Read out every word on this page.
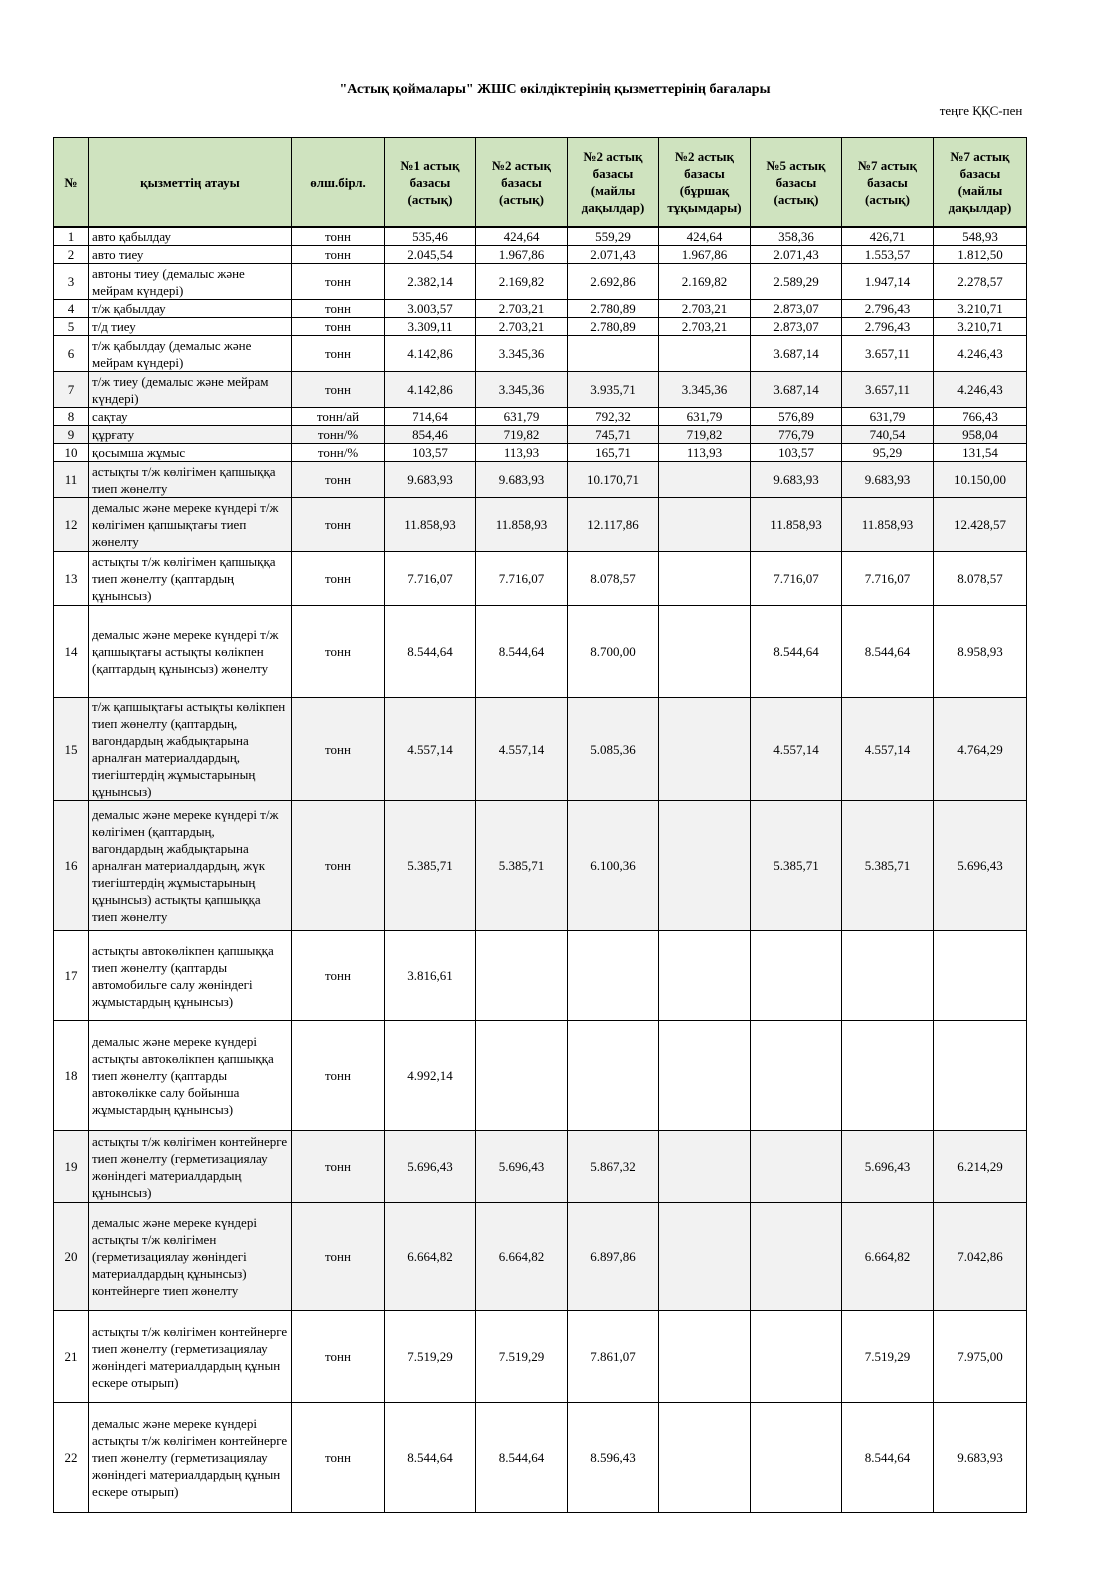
"Астық қоймалары" ЖШС өкілдіктерінің қызметтерінің бағалары
теңге ҚҚС-пен
№	қызметтің атауы	өлш.бірл.	№1 астық базасы (астық)	№2 астық базасы (астық)	№2 астық базасы (майлы дақылдар)	№2 астық базасы (бұршақ тұқымдары)	№5 астық базасы (астық)	№7 астық базасы (астық)	№7 астық базасы (майлы дақылдар)
1	авто қабылдау	тонн	535,46	424,64	559,29	424,64	358,36	426,71	548,93
2	авто тиеу	тонн	2.045,54	1.967,86	2.071,43	1.967,86	2.071,43	1.553,57	1.812,50
3	автоны тиеу (демалыс және мейрам күндері)	тонн	2.382,14	2.169,82	2.692,86	2.169,82	2.589,29	1.947,14	2.278,57
4	т/ж қабылдау	тонн	3.003,57	2.703,21	2.780,89	2.703,21	2.873,07	2.796,43	3.210,71
5	т/д тиеу	тонн	3.309,11	2.703,21	2.780,89	2.703,21	2.873,07	2.796,43	3.210,71
6	т/ж қабылдау (демалыс және мейрам күндері)	тонн	4.142,86	3.345,36			3.687,14	3.657,11	4.246,43
7	т/ж тиеу (демалыс және мейрам күндері)	тонн	4.142,86	3.345,36	3.935,71	3.345,36	3.687,14	3.657,11	4.246,43
8	сақтау	тонн/ай	714,64	631,79	792,32	631,79	576,89	631,79	766,43
9	құрғату	тонн/%	854,46	719,82	745,71	719,82	776,79	740,54	958,04
10	қосымша жұмыс	тонн/%	103,57	113,93	165,71	113,93	103,57	95,29	131,54
11	астықты т/ж көлігімен қапшыққа тиеп жөнелту	тонн	9.683,93	9.683,93	10.170,71		9.683,93	9.683,93	10.150,00
12	демалыс және мереке күндері т/ж көлігімен қапшықтағы тиеп жөнелту	тонн	11.858,93	11.858,93	12.117,86		11.858,93	11.858,93	12.428,57
13	астықты т/ж көлігімен қапшыққа тиеп жөнелту (қаптардың құнынсыз)	тонн	7.716,07	7.716,07	8.078,57		7.716,07	7.716,07	8.078,57
14	демалыс және мереке күндері т/ж қапшықтағы астықты көлікпен (қаптардың құнынсыз) жөнелту	тонн	8.544,64	8.544,64	8.700,00		8.544,64	8.544,64	8.958,93
15	т/ж қапшықтағы астықты көлікпен тиеп жөнелту (қаптардың, вагондардың жабдықтарына арналған материалдардың, тиегіштердің жұмыстарының құнынсыз)	тонн	4.557,14	4.557,14	5.085,36		4.557,14	4.557,14	4.764,29
16	демалыс және мереке күндері т/ж көлігімен (қаптардың, вагондардың жабдықтарына арналған материалдардың, жүк тиегіштердің жұмыстарының құнынсыз) астықты қапшыққа тиеп жөнелту	тонн	5.385,71	5.385,71	6.100,36		5.385,71	5.385,71	5.696,43
17	астықты автокөлікпен қапшыққа тиеп жөнелту (қаптарды автомобильге салу жөніндегі жұмыстардың құнынсыз)	тонн	3.816,61						
18	демалыс және мереке күндері астықты автокөлікпен қапшыққа тиеп жөнелту (қаптарды автокөлікке салу бойынша жұмыстардың құнынсыз)	тонн	4.992,14						
19	астықты т/ж көлігімен контейнерге тиеп жөнелту (герметизациялау жөніндегі материалдардың құнынсыз)	тонн	5.696,43	5.696,43	5.867,32			5.696,43	6.214,29
20	демалыс және мереке күндері астықты т/ж көлігімен (герметизациялау жөніндегі материалдардың құнынсыз) контейнерге тиеп жөнелту	тонн	6.664,82	6.664,82	6.897,86			6.664,82	7.042,86
21	астықты т/ж көлігімен контейнерге тиеп жөнелту (герметизациялау жөніндегі материалдардың құнын ескере отырып)	тонн	7.519,29	7.519,29	7.861,07			7.519,29	7.975,00
22	демалыс және мереке күндері астықты т/ж көлігімен контейнерге тиеп жөнелту (герметизациялау жөніндегі материалдардың құнын ескере отырып)	тонн	8.544,64	8.544,64	8.596,43			8.544,64	9.683,93
